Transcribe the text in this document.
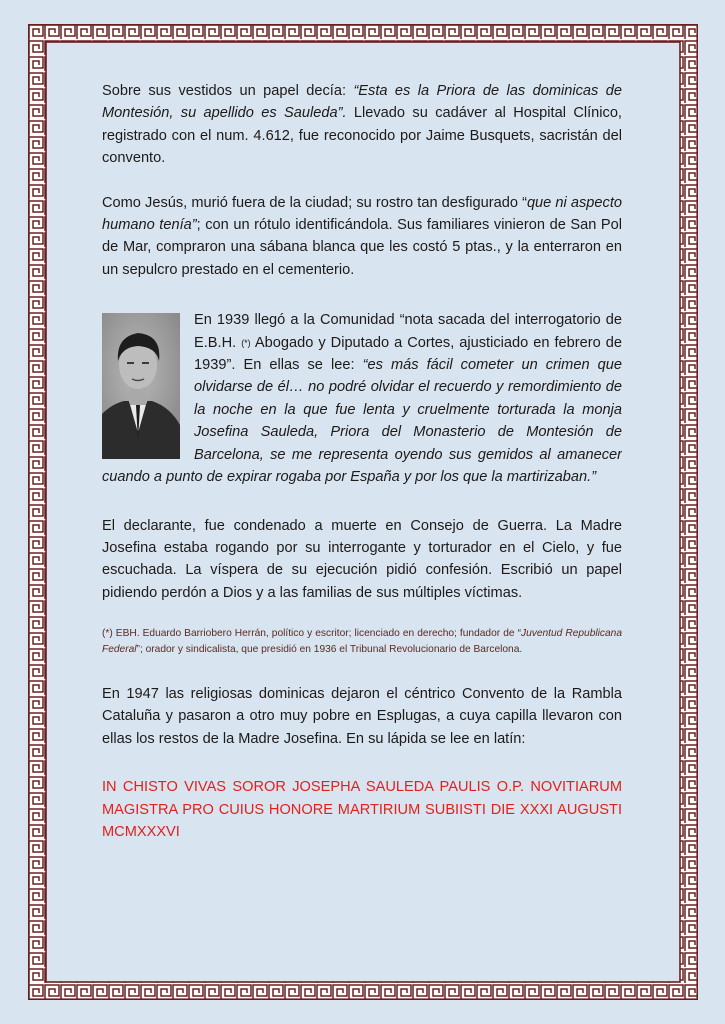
Sobre sus vestidos un papel decía: “Esta es la Priora de las dominicas de Montesión, su apellido es Sauleda”. Llevado su cadáver al Hospital Clínico, registrado con el num. 4.612, fue reconocido por Jaime Busquets, sacristán del convento.

Como Jesús, murió fuera de la ciudad; su rostro tan desfigurado “que ni aspecto humano tenía”; con un rótulo identificándola. Sus familiares vinieron de San Pol de Mar, compraron una sábana blanca que les costó 5 ptas., y la enterraron en un sepulcro prestado en el cementerio.

En 1939 llegó a la Comunidad “nota sacada del interrogatorio de E.B.H. (*) Abogado y Diputado a Cortes, ajusticiado en febrero de 1939”. En ellas se lee: “es más fácil cometer un crimen que olvidarse de él… no podré olvidar el recuerdo y remordimiento de la noche en la que fue lenta y cruelmente torturada la monja Josefina Sauleda, Priora del Monasterio de Montesión de Barcelona, se me representa oyendo sus gemidos al amanecer cuando a punto de expirar rogaba por España y por los que la martirizaban.”

El declarante, fue condenado a muerte en Consejo de Guerra. La Madre Josefina estaba rogando por su interrogante y torturador en el Cielo, y fue escuchada. La víspera de su ejecución pidió confesión. Escribió un papel pidiendo perdón a Dios y a las familias de sus múltiples víctimas.

(*) EBH. Eduardo Barriobero Herrán, político y escritor; licenciado en derecho; fundador de “Juventud Republicana Federal”; orador y sindicalista, que presidió en 1936 el Tribunal Revolucionario de Barcelona.

En 1947 las religiosas dominicas dejaron el céntrico Convento de la Rambla Cataluña y pasaron a otro muy pobre en Esplugas, a cuya capilla llevaron con ellas los restos de la Madre Josefina. En su lápida se lee en latín:

IN CHISTO VIVAS SOROR JOSEPHA SAULEDA PAULIS O.P. NOVITIARUM MAGISTRA PRO CUIUS HONORE MARTIRIUM SUBIISTI DIE XXXI AUGUSTI MCMXXXVI
